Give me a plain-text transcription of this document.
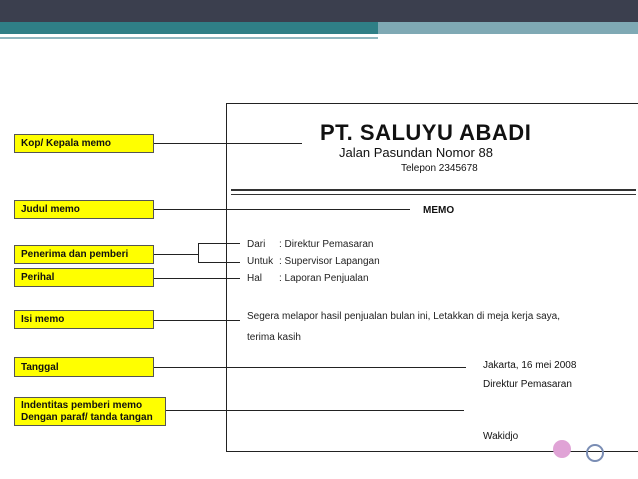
PT. SALUYU ABADI
Jalan Pasundan Nomor 88
Telepon 2345678
MEMO
Dari : Direktur Pemasaran
Untuk : Supervisor Lapangan
Hal : Laporan Penjualan
Segera melapor hasil penjualan bulan ini, Letakkan di meja kerja saya,
terima kasih
Jakarta, 16 mei 2008
Direktur Pemasaran
Wakidjo
Kop/ Kepala memo
Judul memo
Penerima dan pemberi
Perihal
Isi memo
Tanggal
Indentitas pemberi memo
Dengan paraf/ tanda tangan
